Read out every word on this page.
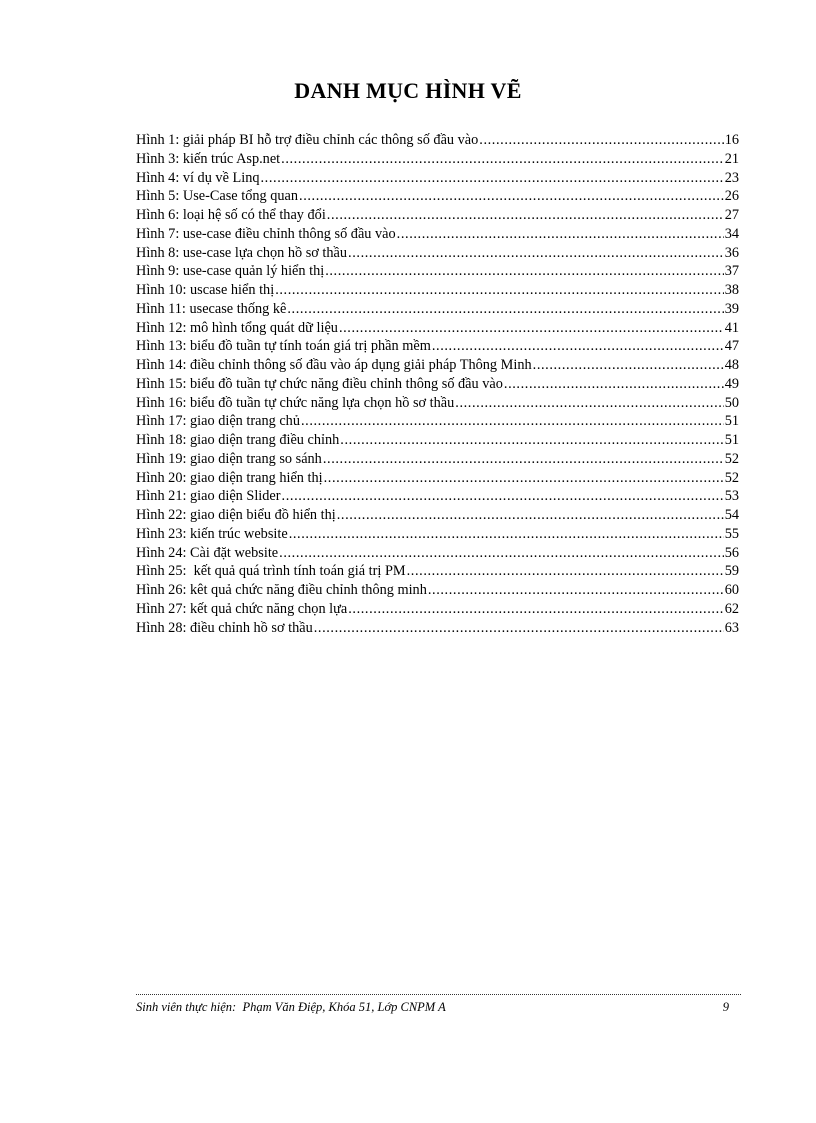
DANH MỤC HÌNH VẼ
Hình 1: giải pháp BI hỗ trợ điều chỉnh các thông số đầu vào .....	16
Hình 3: kiến trúc Asp.net .....	21
Hình 4: ví dụ về Linq .....	23
Hình 5: Use-Case tổng quan .....	26
Hình 6: loại hệ số có thể thay đổi .....	27
Hình 7: use-case điều chỉnh thông số đầu vào .....	34
Hình 8: use-case lựa chọn hồ sơ thầu .....	36
Hình 9: use-case quản lý hiển thị .....	37
Hình 10: uscase hiển thị .....	38
Hình 11: usecase thống kê .....	39
Hình 12: mô hình tổng quát dữ liệu .....	41
Hình 13: biểu đồ tuần tự tính toán giá trị phần mềm .....	47
Hình 14: điều chỉnh thông số đầu vào áp dụng giải pháp Thông Minh .....	48
Hình 15: biểu đồ tuần tự chức năng điều chỉnh thông số đầu vào .....	49
Hình 16: biểu đồ tuần tự chức năng lựa chọn hồ sơ thầu .....	50
Hình 17: giao diện trang chủ .....	51
Hình 18: giao diện trang điều chỉnh .....	51
Hình 19: giao diện trang so sánh .....	52
Hình 20: giao diện trang hiển thị .....	52
Hình 21: giao diện Slider .....	53
Hình 22: giao diện biểu đồ hiển thị .....	54
Hình 23: kiến trúc website .....	55
Hình 24: Cài đặt website .....	56
Hình 25:  kết quả quá trình tính toán giá trị PM .....	59
Hình 26: kêt quả chức năng điều chỉnh thông minh .....	60
Hình 27: kết quả chức năng chọn lựa .....	62
Hình 28: điều chỉnh hồ sơ thầu .....	63
Sinh viên thực hiện:  Phạm Văn Điệp, Khóa 51, Lớp CNPM A	9
